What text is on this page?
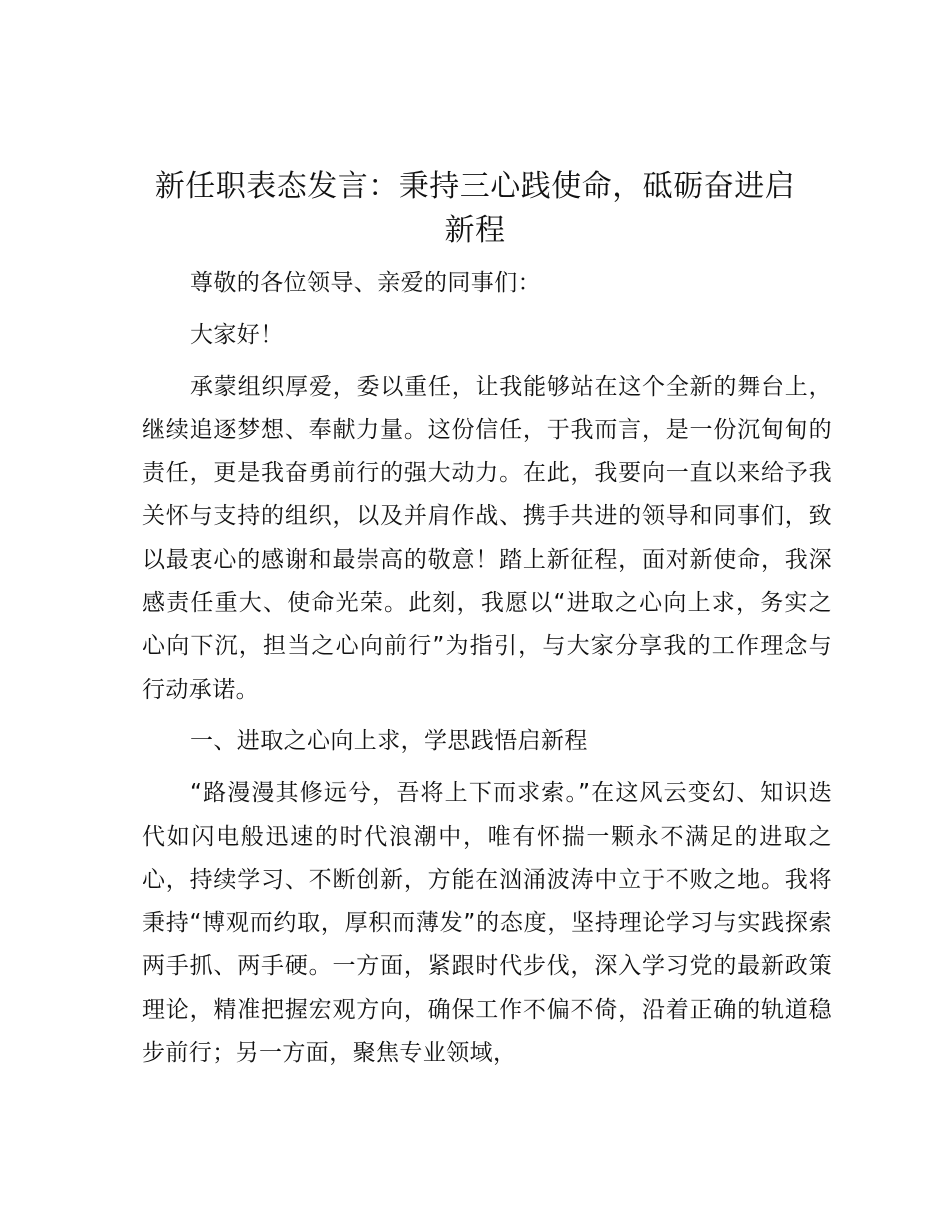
新任职表态发言：秉持三心践使命，砥砺奋进启新程

尊敬的各位领导、亲爱的同事们：

大家好！

承蒙组织厚爱，委以重任，让我能够站在这个全新的舞台上，继续追逐梦想、奉献力量。这份信任，于我而言，是一份沉甸甸的责任，更是我奋勇前行的强大动力。在此，我要向一直以来给予我关怀与支持的组织，以及并肩作战、携手共进的领导和同事们，致以最衷心的感谢和最崇高的敬意！踏上新征程，面对新使命，我深感责任重大、使命光荣。此刻，我愿以“进取之心向上求，务实之心向下沉，担当之心向前行”为指引，与大家分享我的工作理念与行动承诺。

一、进取之心向上求，学思践悟启新程

“路漫漫其修远兮，吾将上下而求索。”在这风云变幻、知识迭代如闪电般迅速的时代浪潮中，唯有怀揣一颗永不满足的进取之心，持续学习、不断创新，方能在汹涌波涛中立于不败之地。我将秉持“博观而约取，厚积而薄发”的态度，坚持理论学习与实践探索两手抓、两手硬。一方面，紧跟时代步伐，深入学习党的最新政策理论，精准把握宏观方向，确保工作不偏不倚，沿着正确的轨道稳步前行；另一方面，聚焦专业领域，
